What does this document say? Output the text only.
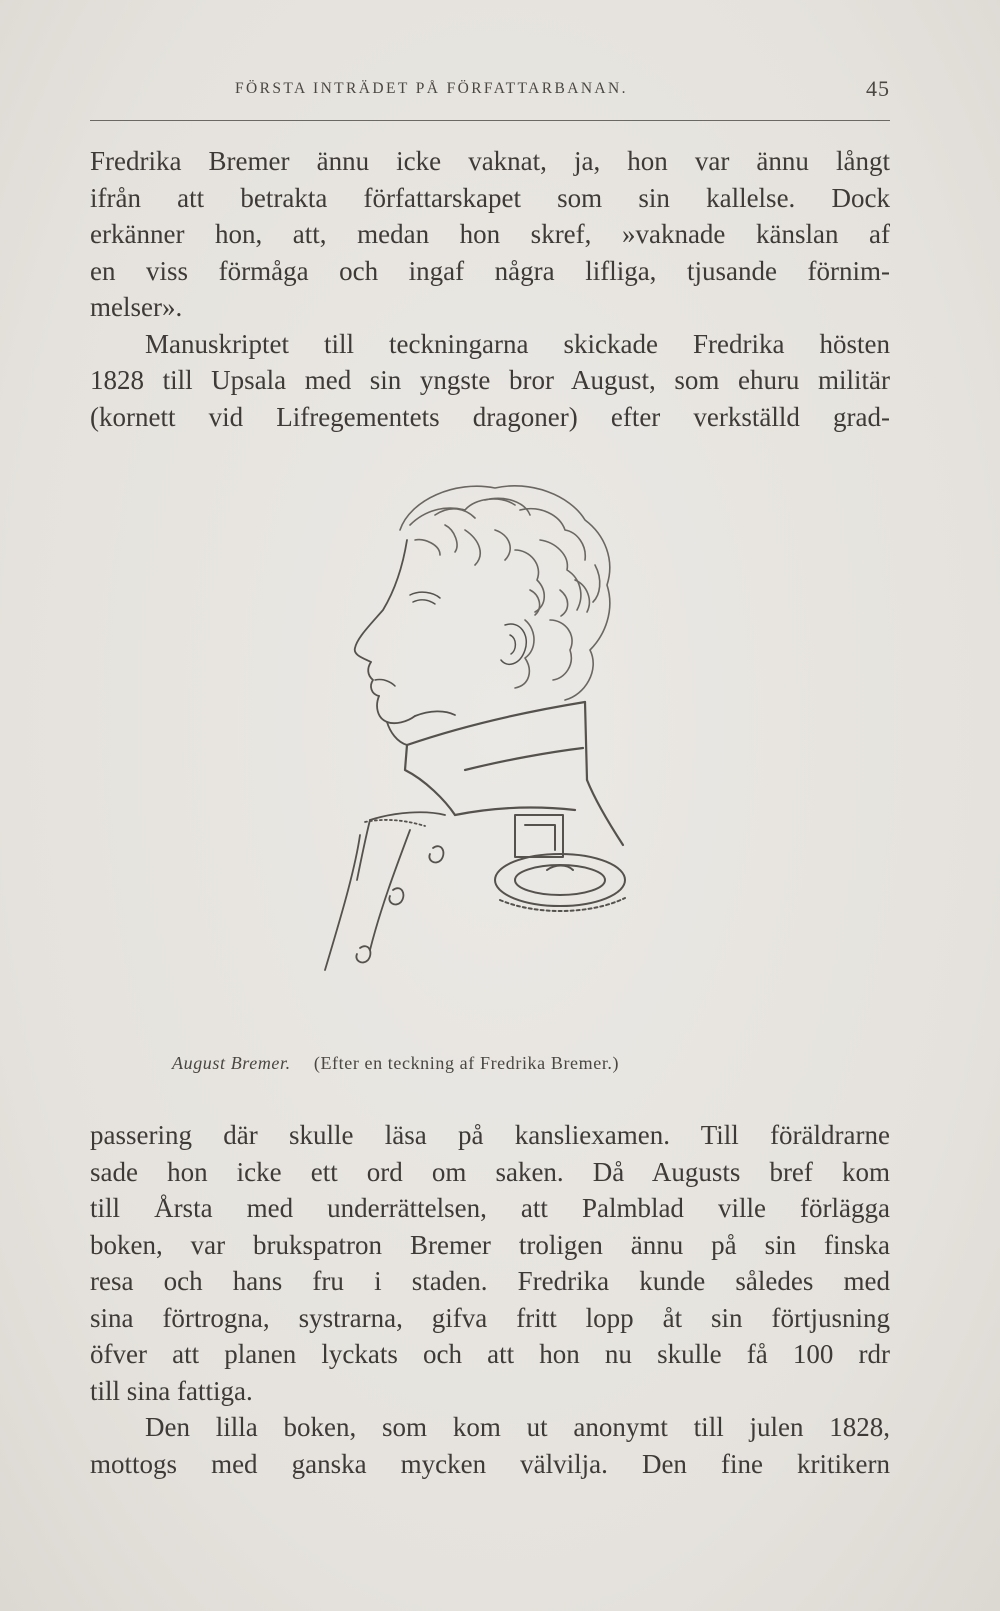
FÖRSTA INTRÄDET PÅ FÖRFATTARBANAN.	45
Fredrika Bremer ännu icke vaknat, ja, hon var ännu långt
ifrån att betrakta författarskapet som sin kallelse. Dock
erkänner hon, att, medan hon skref, »vaknade känslan af
en viss förmåga och ingaf några lifliga, tjusande förnim-
melser».
Manuskriptet till teckningarna skickade Fredrika hösten
1828 till Upsala med sin yngste bror August, som ehuru militär
(kornett vid Lifregementets dragoner) efter verkställd grad-
August Bremer. (Efter en teckning af Fredrika Bremer.)
passering där skulle läsa på kansliexamen. Till föräldrarne
sade hon icke ett ord om saken. Då Augusts bref kom
till Årsta med underrättelsen, att Palmblad ville förlägga
boken, var brukspatron Bremer troligen ännu på sin finska
resa och hans fru i staden. Fredrika kunde således med
sina förtrogna, systrarna, gifva fritt lopp åt sin förtjusning
öfver att planen lyckats och att hon nu skulle få 100 rdr
till sina fattiga.
Den lilla boken, som kom ut anonymt till julen 1828,
mottogs med ganska mycken välvilja. Den fine kritikern
